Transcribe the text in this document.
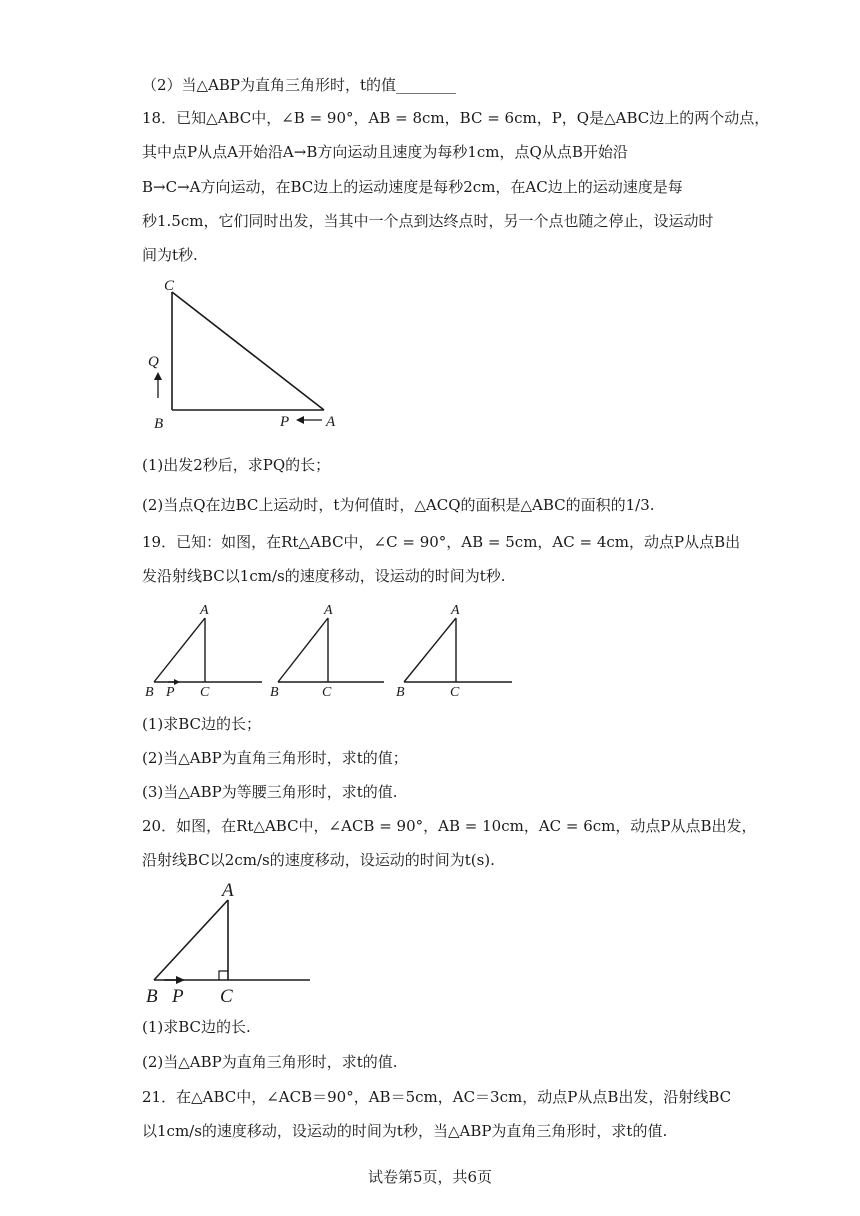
（2）当△ABP为直角三角形时，t的值________
18．已知△ABC中，∠B = 90°，AB = 8cm，BC = 6cm，P，Q是△ABC边上的两个动点，
其中点P从点A开始沿A→B方向运动且速度为每秒1cm，点Q从点B开始沿
B→C→A方向运动，在BC边上的运动速度是每秒2cm，在AC边上的运动速度是每
秒1.5cm，它们同时出发，当其中一个点到达终点时，另一个点也随之停止，设运动时
间为t秒.
C
Q
B	P A
(1)出发2秒后，求PQ的长；
(2)当点Q在边BC上运动时，t为何值时，△ACQ的面积是△ABC的面积的1/3.
19．已知：如图，在Rt△ABC中，∠C = 90°，AB = 5cm，AC = 4cm，动点P从点B出
发沿射线BC以1cm/s的速度移动，设运动的时间为t秒.
A
B P C
A
B	C
A
B	C
(1)求BC边的长；
(2)当△ABP为直角三角形时，求t的值；
(3)当△ABP为等腰三角形时，求t的值.
20．如图，在Rt△ABC中，∠ACB = 90°，AB = 10cm，AC = 6cm，动点P从点B出发，
沿射线BC以2cm/s的速度移动，设运动的时间为t(s).
A
B P C
(1)求BC边的长.
(2)当△ABP为直角三角形时，求t的值.
21．在△ABC中，∠ACB＝90°，AB＝5cm，AC＝3cm，动点P从点B出发，沿射线BC
以1cm/s的速度移动，设运动的时间为t秒，当△ABP为直角三角形时，求t的值.
试卷第5页，共6页
